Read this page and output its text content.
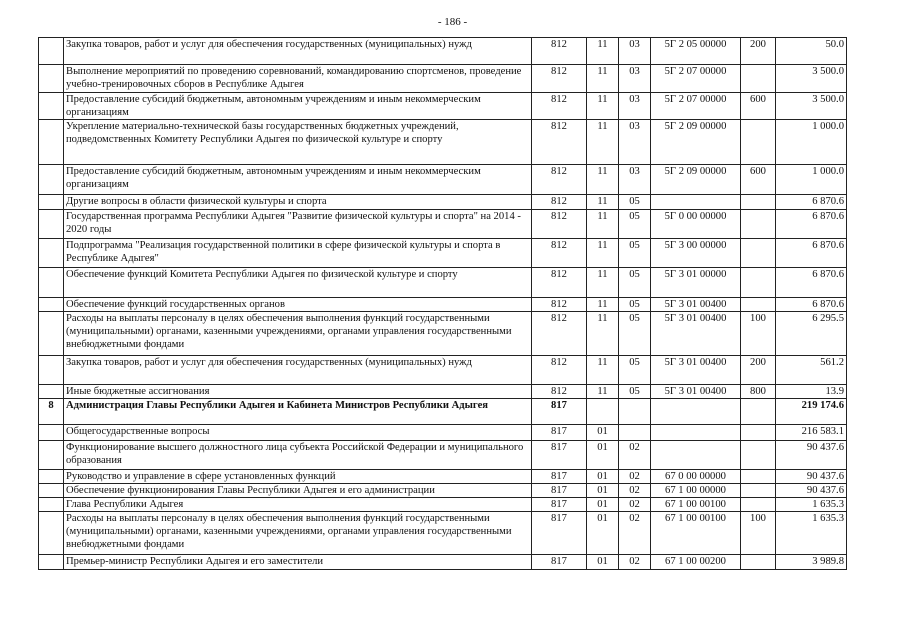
- 186 -
	Закупка товаров, работ и услуг для обеспечения государственных (муниципальных) нужд	812	11	03	5Г 2 05 00000	200	50.0
	Выполнение мероприятий по проведению соревнований, командированию спортсменов, проведение учебно-тренировочных сборов в Республике Адыгея	812	11	03	5Г 2 07 00000		3 500.0
	Предоставление субсидий бюджетным, автономным учреждениям и иным некоммерческим организациям	812	11	03	5Г 2 07 00000	600	3 500.0
	Укрепление материально-технической базы государственных бюджетных учреждений, подведомственных Комитету Республики Адыгея по физической культуре и спорту	812	11	03	5Г 2 09 00000		1 000.0
	Предоставление субсидий бюджетным, автономным учреждениям и иным некоммерческим организациям	812	11	03	5Г 2 09 00000	600	1 000.0
	Другие вопросы в области физической культуры и спорта	812	11	05			6 870.6
	Государственная программа Республики Адыгея "Развитие физической культуры и спорта" на 2014 - 2020 годы	812	11	05	5Г 0 00 00000		6 870.6
	Подпрограмма "Реализация государственной политики в сфере физической культуры и спорта в Республике Адыгея"	812	11	05	5Г 3 00 00000		6 870.6
	Обеспечение функций Комитета Республики Адыгея по физической культуре и спорту	812	11	05	5Г 3 01 00000		6 870.6
	Обеспечение функций государственных органов	812	11	05	5Г 3 01 00400		6 870.6
	Расходы на выплаты персоналу в целях обеспечения выполнения функций государственными (муниципальными) органами, казенными учреждениями, органами управления государственными внебюджетными фондами	812	11	05	5Г 3 01 00400	100	6 295.5
	Закупка товаров, работ и услуг для обеспечения государственных (муниципальных) нужд	812	11	05	5Г 3 01 00400	200	561.2
	Иные бюджетные ассигнования	812	11	05	5Г 3 01 00400	800	13.9
8	Администрация Главы Республики Адыгея и Кабинета Министров Республики Адыгея	817					219 174.6
	Общегосударственные вопросы	817	01				216 583.1
	Функционирование высшего должностного лица субъекта Российской Федерации и муниципального образования	817	01	02			90 437.6
	Руководство и управление в сфере установленных функций	817	01	02	67 0 00 00000		90 437.6
	Обеспечение функционирования Главы Республики Адыгея и его администрации	817	01	02	67 1 00 00000		90 437.6
	Глава Республики Адыгея	817	01	02	67 1 00 00100		1 635.3
	Расходы на выплаты персоналу в целях обеспечения выполнения функций государственными (муниципальными) органами, казенными учреждениями, органами управления государственными внебюджетными фондами	817	01	02	67 1 00 00100	100	1 635.3
	Премьер-министр Республики Адыгея и его заместители	817	01	02	67 1 00 00200		3 989.8
